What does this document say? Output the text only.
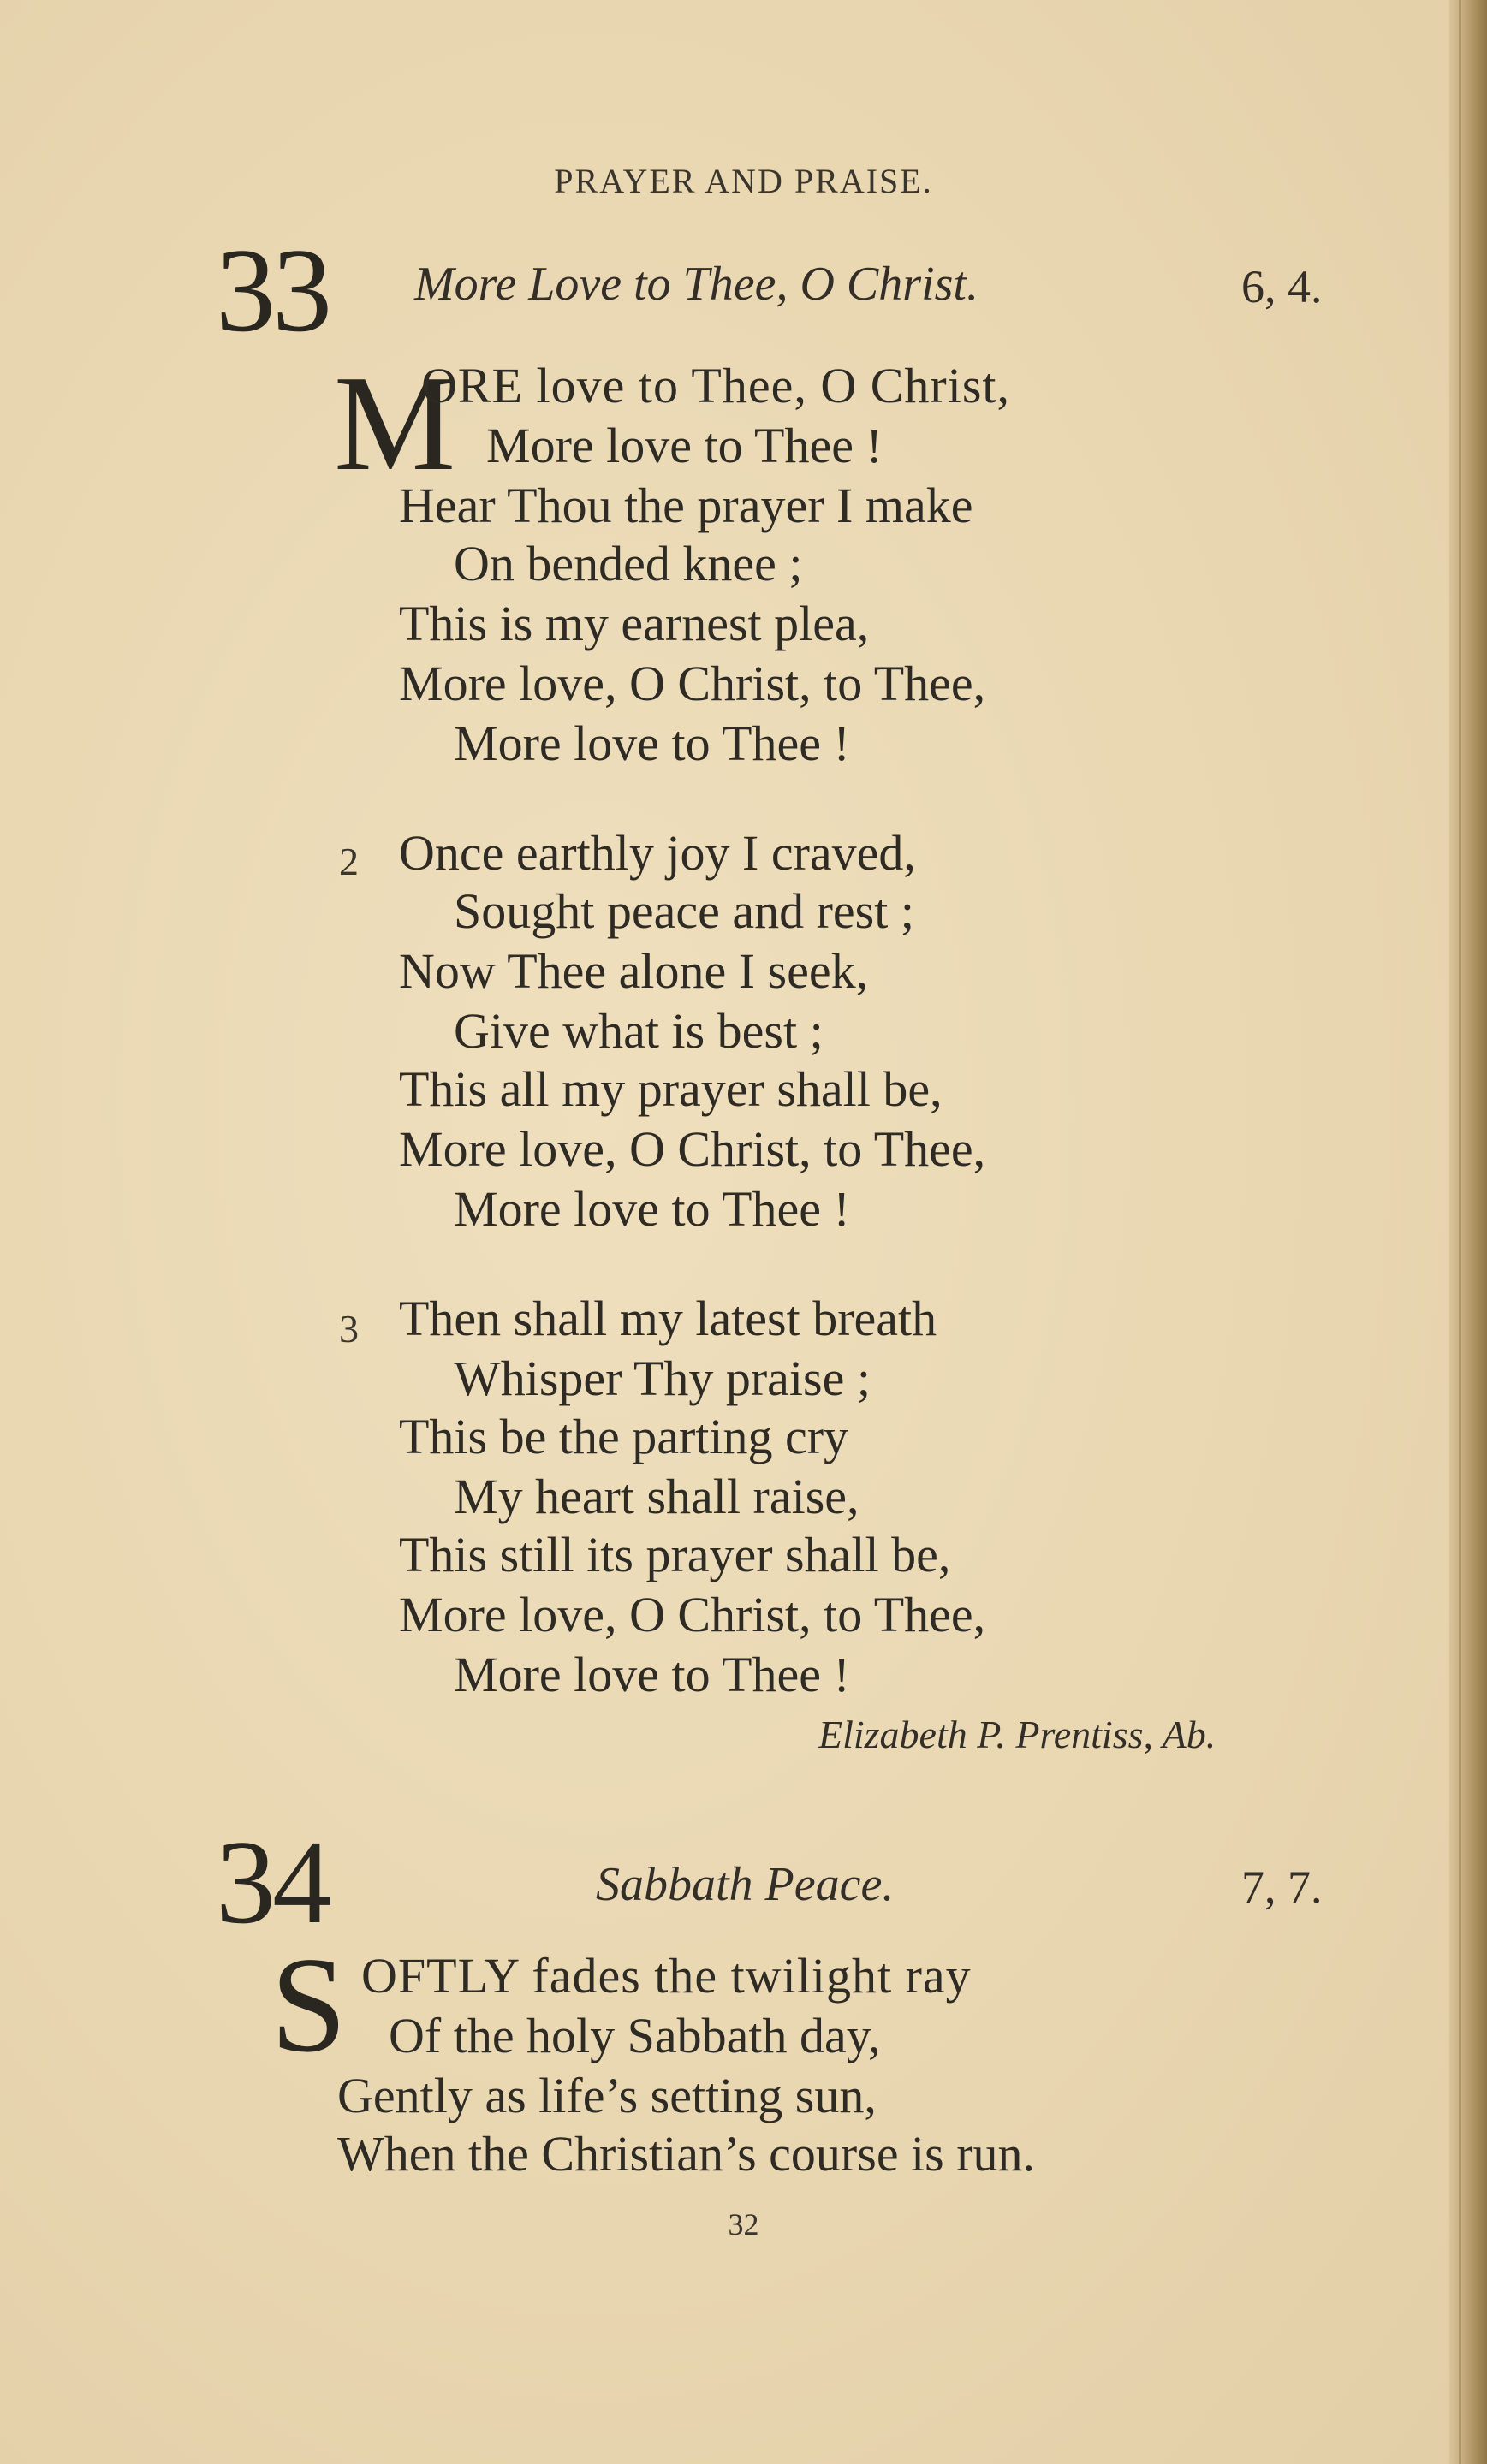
PRAYER AND PRAISE.
33 More Love to Thee, O Christ.	6, 4.
M
ORE love to Thee, O Christ,
More love to Thee !
Hear Thou the prayer I make
On bended knee ;
This is my earnest plea,
More love, O Christ, to Thee,
More love to Thee !
2 Once earthly joy I craved,
Sought peace and rest ;
Now Thee alone I seek,
Give what is best ;
This all my prayer shall be,
More love, O Christ, to Thee,
More love to Thee !
3 Then shall my latest breath
Whisper Thy praise ;
This be the parting cry
My heart shall raise,
This still its prayer shall be,
More love, O Christ, to Thee,
More love to Thee !
Elizabeth P. Prentiss, Ab.
34	Sabbath Peace.	7, 7.
S OFTLY fades the twilight ray
Of the holy Sabbath day,
Gently as life’s setting sun,
When the Christian’s course is run.
32
